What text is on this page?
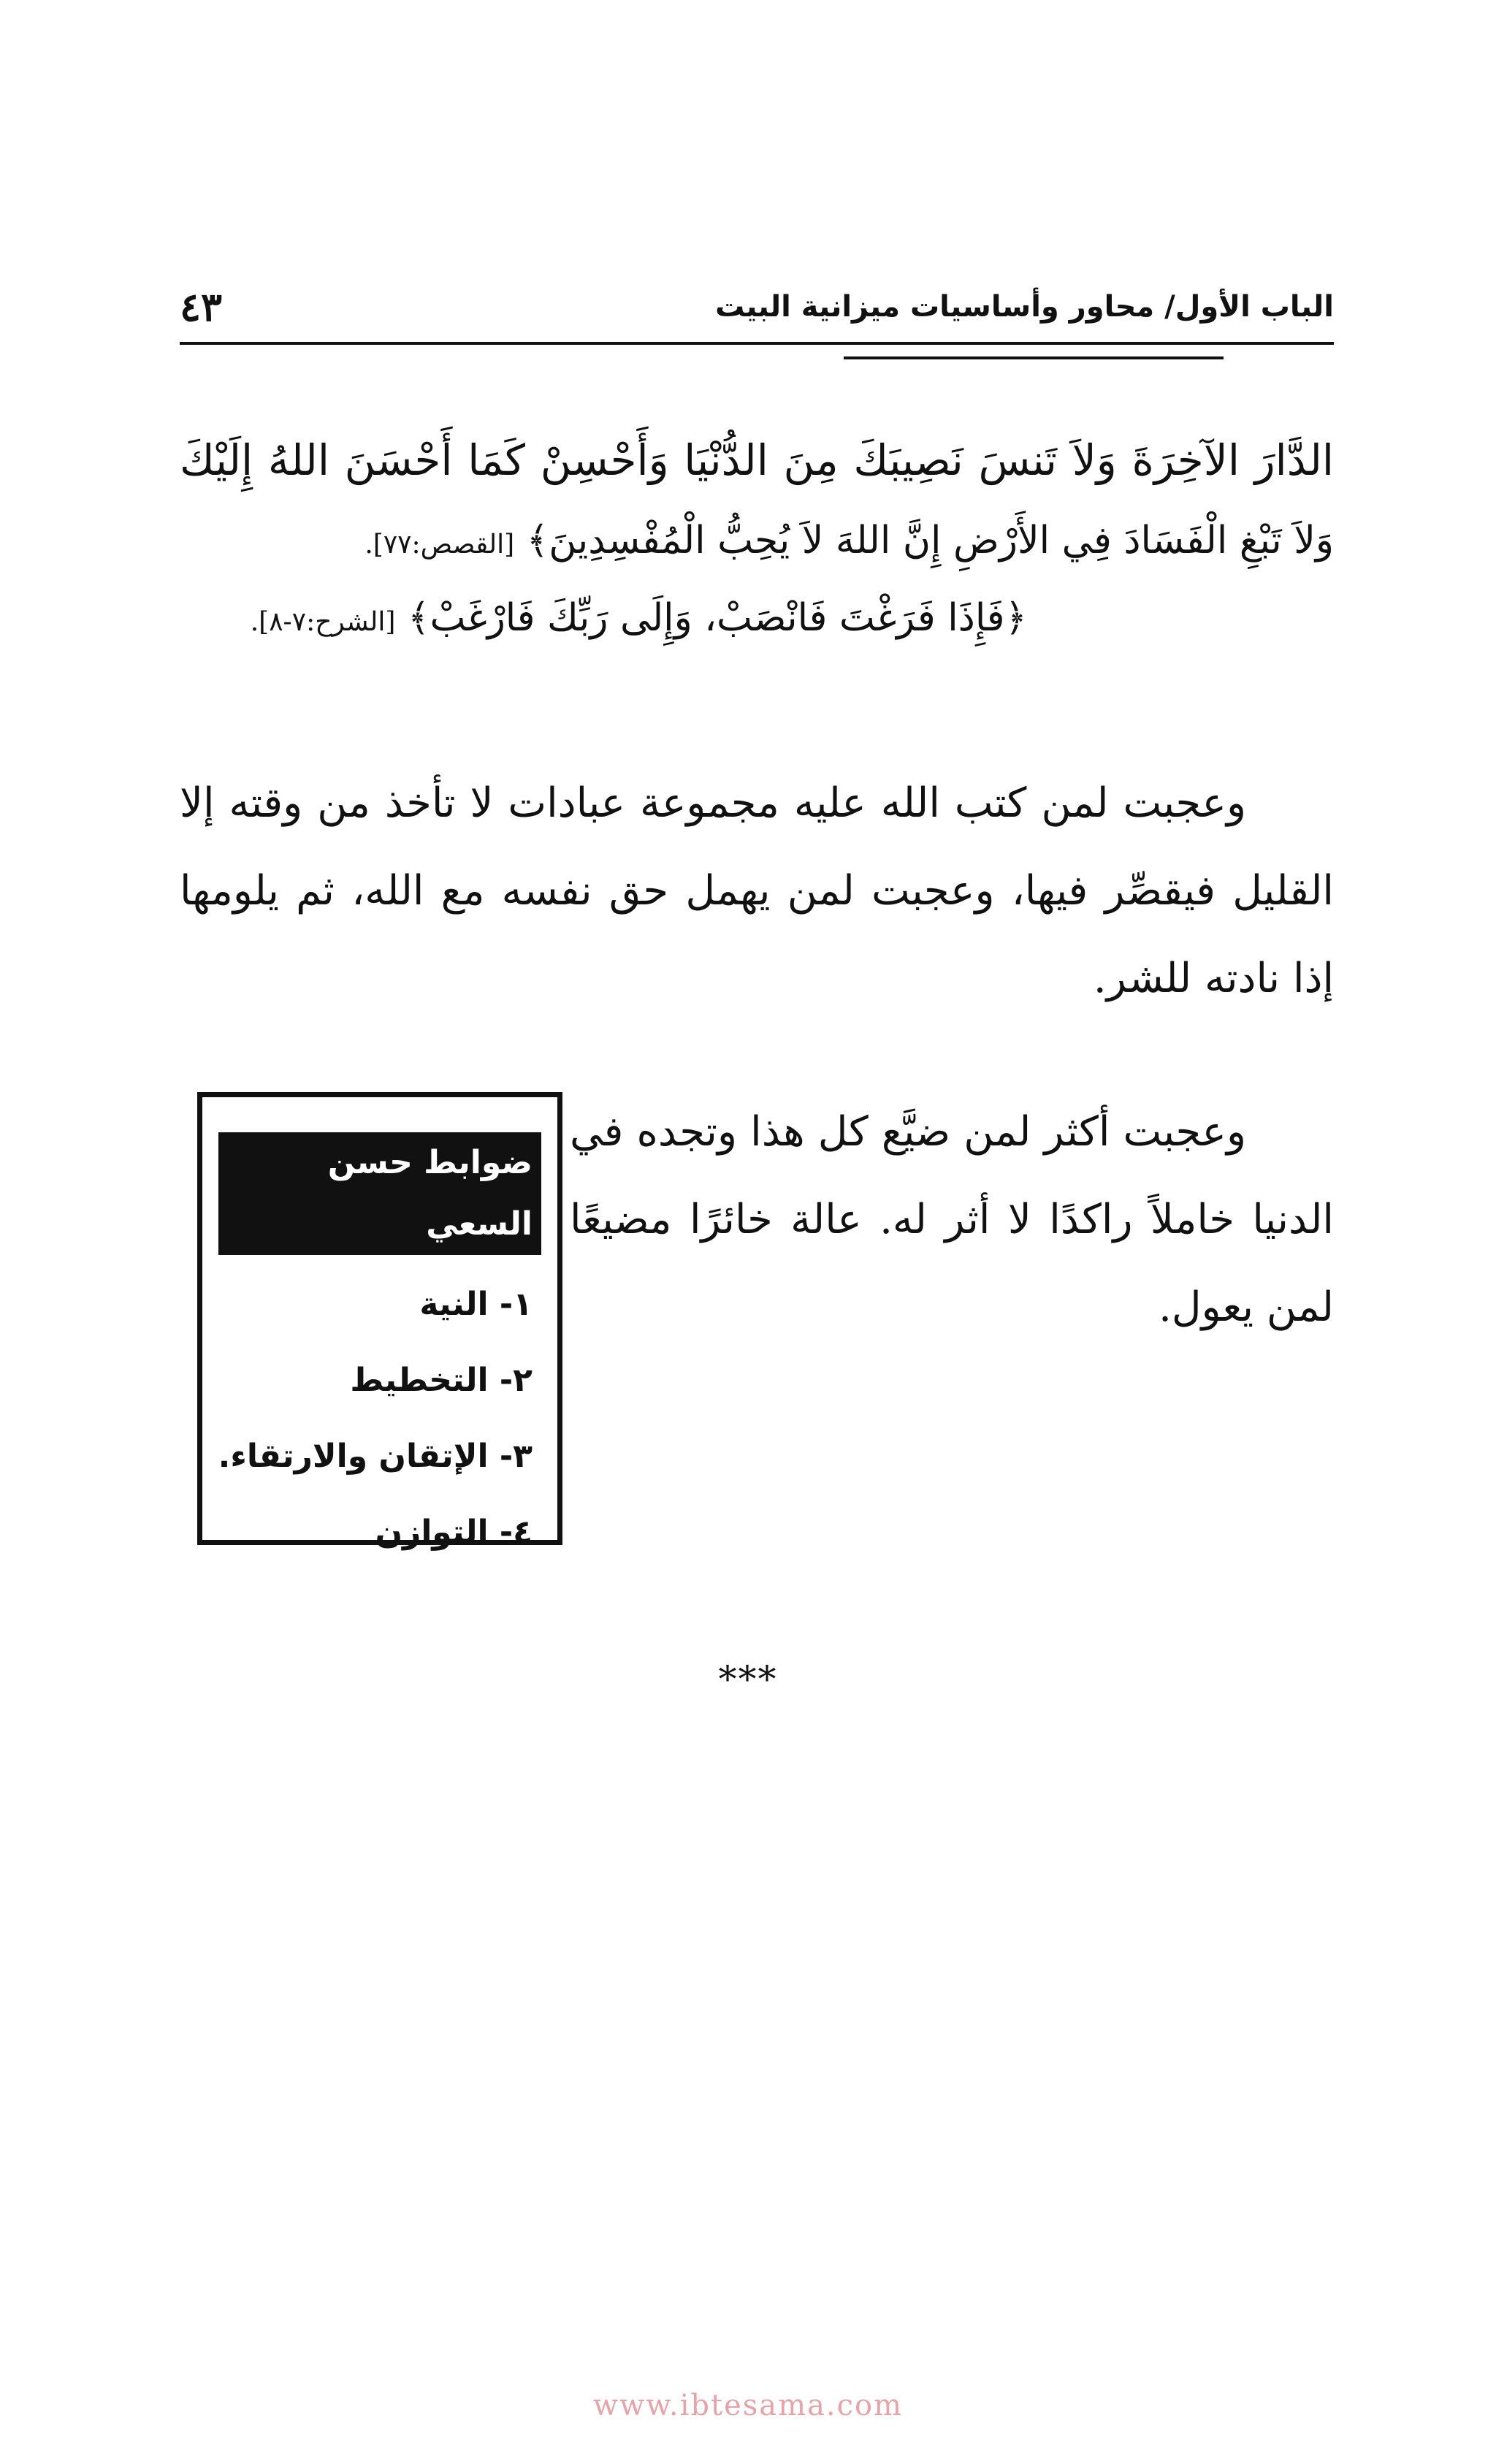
٤٣	الباب الأول/ محاور وأساسيات ميزانية البيت
الدَّارَ الآخِرَةَ وَلاَ تَنسَ نَصِيبَكَ مِنَ الدُّنْيَا وَأَحْسِنْ كَمَا أَحْسَنَ اللهُ إِلَيْكَ
وَلاَ تَبْغِ الْفَسَادَ فِي الأَرْضِ إِنَّ اللهَ لاَ يُحِبُّ الْمُفْسِدِينَ﴾ [القصص:٧٧].
﴿فَإِذَا فَرَغْتَ فَانْصَبْ، وَإِلَى رَبِّكَ فَارْغَبْ﴾ [الشرح:٧-٨].
وعجبت لمن كتب الله عليه مجموعة عبادات لا تأخذ من وقته إلا القليل فيقصِّر فيها، وعجبت لمن يهمل حق نفسه مع الله، ثم يلومها إذا نادته للشر.
وعجبت أكثر لمن ضيَّع كل هذا وتجده في الدنيا خاملاً راكدًا لا أثر له. عالة خائرًا مضيعًا لمن يعول.
ضوابط حسن السعي
١- النية
٢- التخطيط
٣- الإتقان والارتقاء.
٤- التوازن
***
www.ibtesama.com
